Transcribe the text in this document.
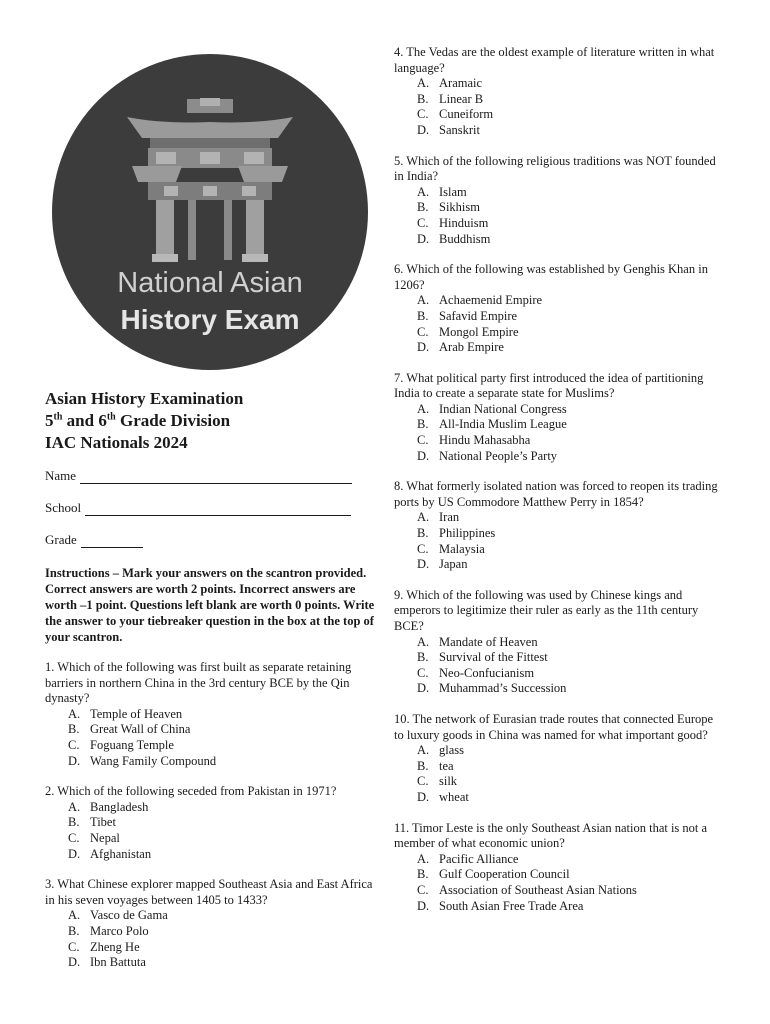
National Asian
History Exam
Asian History Examination
5th and 6th Grade Division
IAC Nationals 2024
Name
School
Grade
Instructions – Mark your answers on the scantron provided. Correct answers are worth 2 points. Incorrect answers are worth –1 point. Questions left blank are worth 0 points. Write the answer to your tiebreaker question in the box at the top of your scantron.
1. Which of the following was first built as separate retaining barriers in northern China in the 3rd century BCE by the Qin dynasty?
A. Temple of Heaven
B. Great Wall of China
C. Foguang Temple
D. Wang Family Compound
2. Which of the following seceded from Pakistan in 1971?
A. Bangladesh
B. Tibet
C. Nepal
D. Afghanistan
3. What Chinese explorer mapped Southeast Asia and East Africa in his seven voyages between 1405 to 1433?
A. Vasco de Gama
B. Marco Polo
C. Zheng He
D. Ibn Battuta
4. The Vedas are the oldest example of literature written in what language?
A. Aramaic
B. Linear B
C. Cuneiform
D. Sanskrit
5. Which of the following religious traditions was NOT founded in India?
A. Islam
B. Sikhism
C. Hinduism
D. Buddhism
6. Which of the following was established by Genghis Khan in 1206?
A. Achaemenid Empire
B. Safavid Empire
C. Mongol Empire
D. Arab Empire
7. What political party first introduced the idea of partitioning India to create a separate state for Muslims?
A. Indian National Congress
B. All-India Muslim League
C. Hindu Mahasabha
D. National People’s Party
8. What formerly isolated nation was forced to reopen its trading ports by US Commodore Matthew Perry in 1854?
A. Iran
B. Philippines
C. Malaysia
D. Japan
9. Which of the following was used by Chinese kings and emperors to legitimize their ruler as early as the 11th century BCE?
A. Mandate of Heaven
B. Survival of the Fittest
C. Neo-Confucianism
D. Muhammad’s Succession
10. The network of Eurasian trade routes that connected Europe to luxury goods in China was named for what important good?
A. glass
B. tea
C. silk
D. wheat
11. Timor Leste is the only Southeast Asian nation that is not a member of what economic union?
A. Pacific Alliance
B. Gulf Cooperation Council
C. Association of Southeast Asian Nations
D. South Asian Free Trade Area
